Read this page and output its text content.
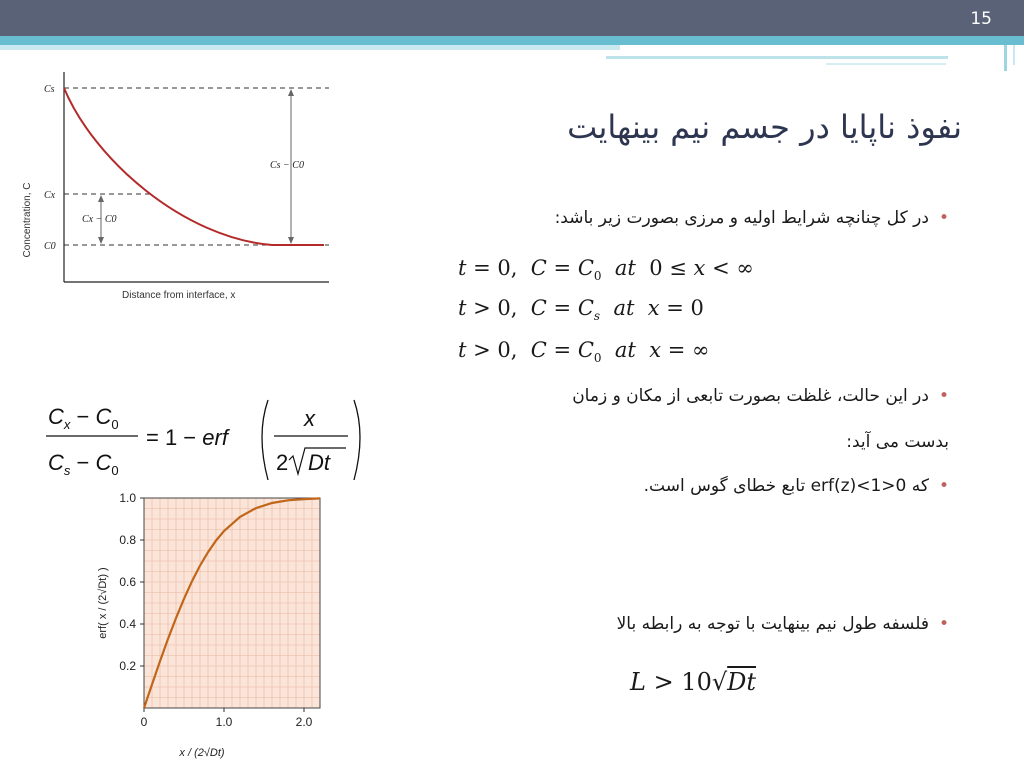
15
نفوذ ناپایا در جسم نیم بینهایت
Concentration, C
Cs
Cx
C0
Cs − C0
Cx − C0
Distance from interface, x
$C_x - C_0$
$C_s - C_0$
= 1 − erf
x
2 Dt
0.2
0.4
0.6
0.8
1.0
0	1.0	2.0
x / (2√Dt)
erf( x / (2√Dt) )
•در کل چنانچه شرایط اولیه و مرزی بصورت زیر باشد:
t = 0,  $C = C_0$ at  0 ≤ x < ∞
t > 0,  $C = C_s$ at x = 0
t > 0,  $C = C_0$ at x = ∞
•در این حالت، غلظت بصورت تابعی از مکان و زمان
بدست می آید:
•که 0<erf(z)<1 تابع خطای گوس است.
•فلسفه طول نیم بینهایت با توجه به رابطه بالا
L > 10√Dt
